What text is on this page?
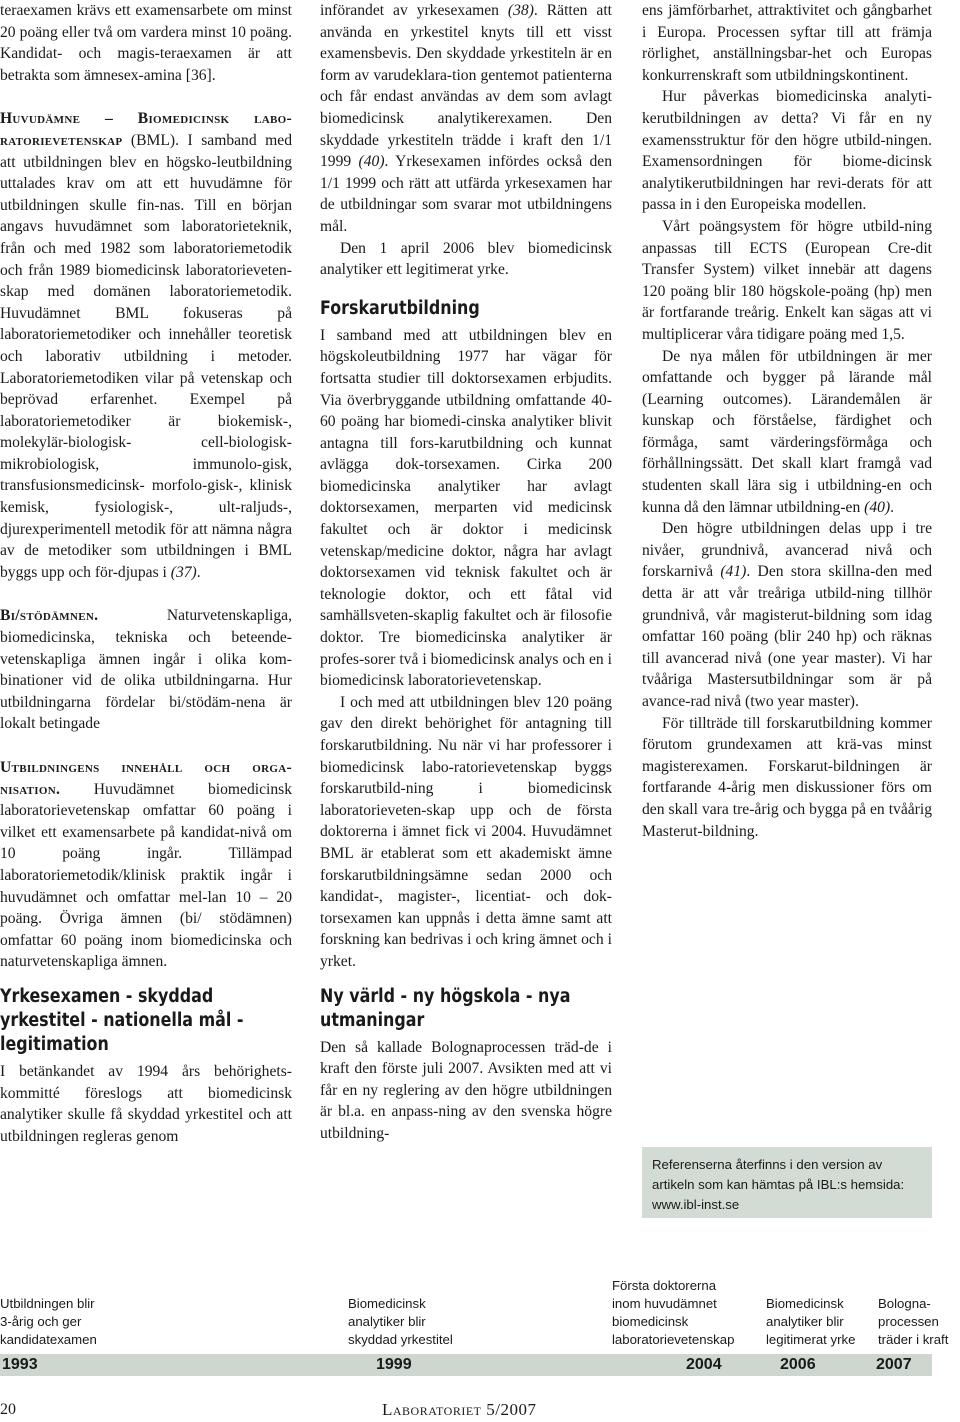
teraexamen krävs ett examensarbete om minst 20 poäng eller två om vardera minst 10 poäng. Kandidat- och magis-teraexamen är att betrakta som ämnesex-amina [36].

Huvudämne – Biomedicinsk labo-ratorievetenskap (BML). I samband med att utbildningen blev en högsko-leutbildning uttalades krav om att ett huvudämne för utbildningen skulle fin-nas. Till en början angavs huvudämnet som laboratorieteknik, från och med 1982 som laboratoriemetodik och från 1989 biomedicinsk laboratorieveten-skap med domänen laboratoriemetodik. Huvudämnet BML fokuseras på laboratoriemetodiker och innehåller teoretisk och laborativ utbildning i metoder. Laboratoriemetodiken vilar på vetenskap och beprövad erfarenhet. Exempel på laboratoriemetodiker är biokemisk-, molekylär-biologisk- cell-biologisk- mikrobiologisk, immunolo-gisk, transfusionsmedicinsk- morfolo-gisk-, klinisk kemisk, fysiologisk-, ult-raljuds-, djurexperimentell metodik för att nämna några av de metodiker som utbildningen i BML byggs upp och för-djupas i (37).

Bi/stödämnen. Naturvetenskapliga, biomedicinska, tekniska och beteende-vetenskapliga ämnen ingår i olika kom-binationer vid de olika utbildningarna. Hur utbildningarna fördelar bi/stödäm-nena är lokalt betingade

Utbildningens innehåll och orga-nisation. Huvudämnet biomedicinsk laboratorievetenskap omfattar 60 poäng i vilket ett examensarbete på kandidat-nivå om 10 poäng ingår. Tillämpad laboratoriemetodik/klinisk praktik ingår i huvudämnet och omfattar mel-lan 10 – 20 poäng. Övriga ämnen (bi/ stödämnen) omfattar 60 poäng inom biomedicinska och naturvetenskapliga ämnen.

Yrkesexamen - skyddad yrkestitel - nationella mål - legitimation

I betänkandet av 1994 års behörighets-kommitté föreslogs att biomedicinsk analytiker skulle få skyddad yrkestitel och att utbildningen regleras genom

införandet av yrkesexamen (38). Rätten att använda en yrkestitel knyts till ett visst examensbevis. Den skyddade yrkestiteln är en form av varudeklara-tion gentemot patienterna och får endast användas av dem som avlagt biomedicinsk analytikerexamen. Den skyddade yrkestiteln trädde i kraft den 1/1 1999 (40). Yrkesexamen infördes också den 1/1 1999 och rätt att utfärda yrkesexamen har de utbildningar som svarar mot utbildningens mål.

Den 1 april 2006 blev biomedicinsk analytiker ett legitimerat yrke.

Forskarutbildning

I samband med att utbildningen blev en högskoleutbildning 1977 har vägar för fortsatta studier till doktorsexamen erbjudits. Via överbryggande utbildning omfattande 40-60 poäng har biomedi-cinska analytiker blivit antagna till fors-karutbildning och kunnat avlägga dok-torsexamen. Cirka 200 biomedicinska analytiker har avlagt doktorsexamen, merparten vid medicinsk fakultet och är doktor i medicinsk vetenskap/medicine doktor, några har avlagt doktorsexamen vid teknisk fakultet och är teknologie doktor, och ett fåtal vid samhällsveten-skaplig fakultet och är filosofie doktor. Tre biomedicinska analytiker är profes-sorer två i biomedicinsk analys och en i biomedicinsk laboratorievetenskap.

I och med att utbildningen blev 120 poäng gav den direkt behörighet för antagning till forskarutbildning. Nu när vi har professorer i biomedicinsk labo-ratorievetenskap byggs forskarutbild-ning i biomedicinsk laboratorieveten-skap upp och de första doktorerna i ämnet fick vi 2004. Huvudämnet BML är etablerat som ett akademiskt ämne forskarutbildningsämne sedan 2000 och kandidat-, magister-, licentiat- och dok-torsexamen kan uppnås i detta ämne samt att forskning kan bedrivas i och kring ämnet och i yrket.

Ny värld - ny högskola - nya utmaningar

Den så kallade Bolognaprocessen träd-de i kraft den förste juli 2007. Avsikten med att vi får en ny reglering av den högre utbildningen är bl.a. en anpass-ning av den svenska högre utbildning-

ens jämförbarhet, attraktivitet och gångbarhet i Europa. Processen syftar till att främja rörlighet, anställningsbar-het och Europas konkurrenskraft som utbildningskontinent.

Hur påverkas biomedicinska analyti-kerutbildningen av detta? Vi får en ny examensstruktur för den högre utbild-ningen. Examensordningen för biome-dicinsk analytikerutbildningen har revi-derats för att passa in i den Europeiska modellen.

Vårt poängsystem för högre utbild-ning anpassas till ECTS (European Cre-dit Transfer System) vilket innebär att dagens 120 poäng blir 180 högskole-poäng (hp) men är fortfarande treårig. Enkelt kan sägas att vi multiplicerar våra tidigare poäng med 1,5.

De nya målen för utbildningen är mer omfattande och bygger på lärande mål (Learning outcomes). Lärandemålen är kunskap och förståelse, färdighet och förmåga, samt värderingsförmåga och förhållningssätt. Det skall klart framgå vad studenten skall lära sig i utbildning-en och kunna då den lämnar utbildning-en (40).

Den högre utbildningen delas upp i tre nivåer, grundnivå, avancerad nivå och forskarnivå (41). Den stora skillna-den med detta är att vår treåriga utbild-ning tillhör grundnivå, vår magisterut-bildning som idag omfattar 160 poäng (blir 240 hp) och räknas till avancerad nivå (one year master). Vi har tvååriga Mastersutbildningar som är på avance-rad nivå (two year master).

För tillträde till forskarutbildning kommer förutom grundexamen att krä-vas minst magisterexamen. Forskarut-bildningen är fortfarande 4-årig men diskussioner förs om den skall vara tre-årig och bygga på en tvåårig Masterut-bildning.

Referenserna återfinns i den version av artikeln som kan hämtas på IBL:s hemsida: www.ibl-inst.se
Utbildningen blir
3-årig och ger
kandidatexamen
Biomedicinsk
analytiker blir
skyddad yrkestitel
Första doktorerna
inom huvudämnet
biomedicinsk
laboratorievetenskap
Biomedicinsk
analytiker blir
legitimerat yrke
Bologna-
processen
träder i kraft
1993	1999	2004	2006	2007
20	Laboratoriet 5/2007
